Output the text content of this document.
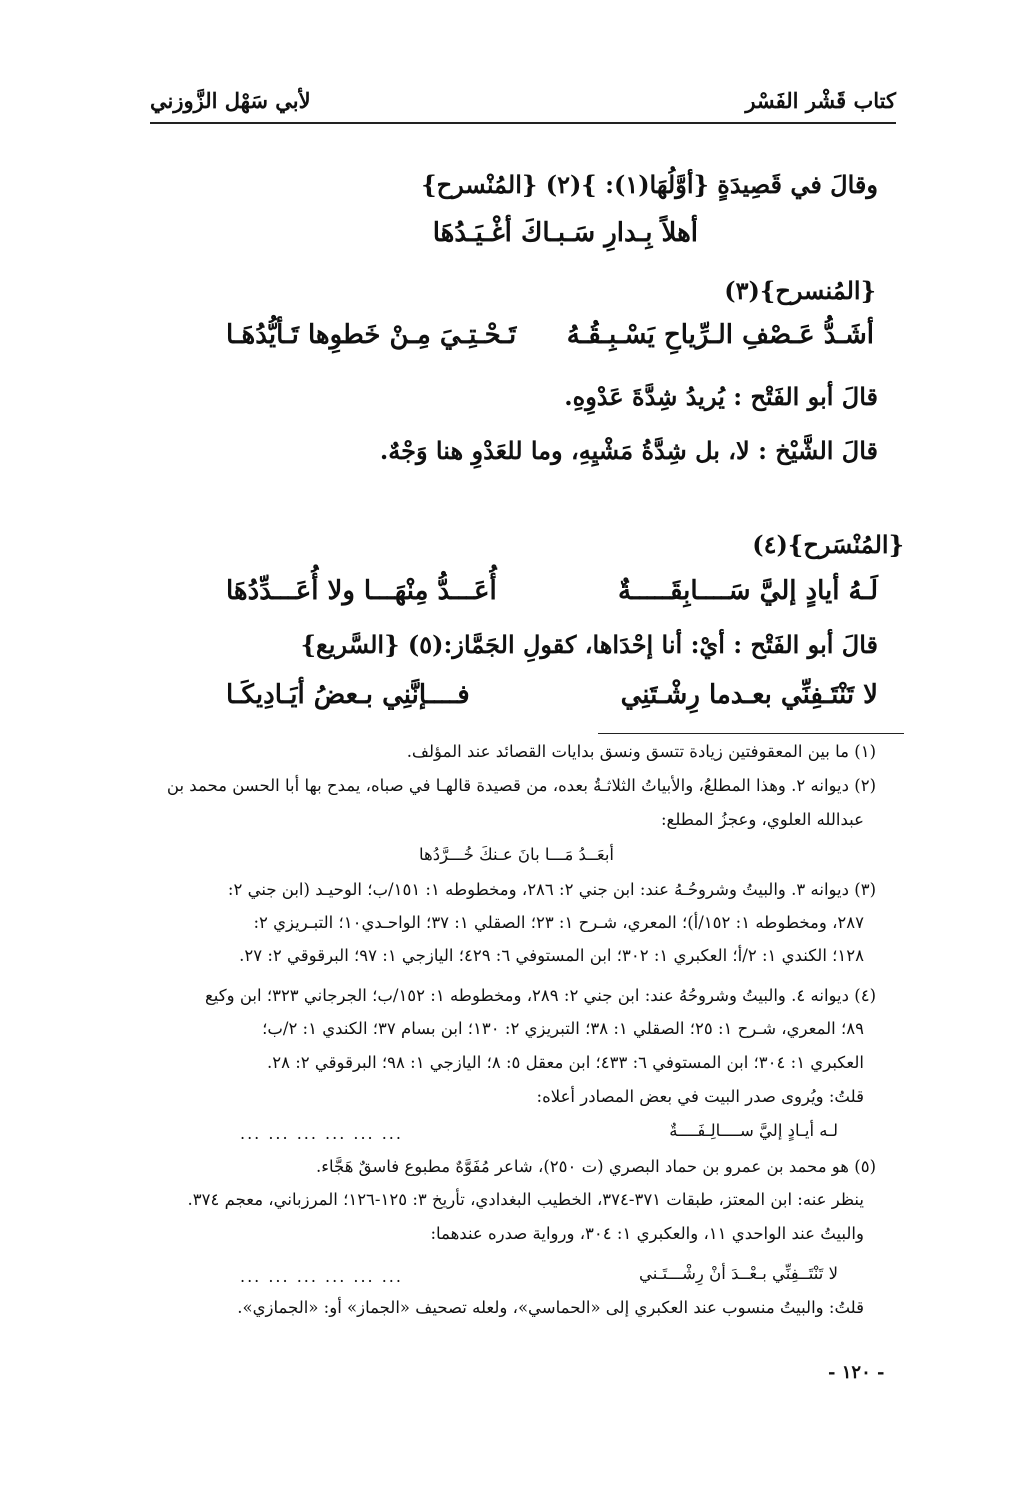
كتاب قَشْر الفَسْر
لأبي سَهْل الزَّوزني
وقالَ في قَصِيدَةٍ {أوَّلُهَا(١): }(٢) {المُنْسرح}
أهلاً بِـدارِ سَـبـاكَ أغْـيَـدُهَا
{المُنسرح}(٣)
أشَـدُّ عَـصْفِ الـرِّياحِ يَسْـبِـقُـهُ
تَـحْـتِـيَ مِـنْ خَطوِها تَـأيُّدُهَـا
قالَ أبو الفَتْح : يُريدُ شِدَّةَ عَدْوِهِ.
قالَ الشَّيْخ : لا، بل شِدَّةُ مَشْيِهِ، وما للعَدْوِ هنا وَجْهٌ.
{المُنْسَرح}(٤)
لَـهُ أيادٍ إليَّ سَــــابِقَـــــةٌ
أُعَـــدُّ مِنْهَـــا ولا أُعَـــدِّدُهَا
قالَ أبو الفَتْح : أيْ: أنا إحْدَاها، كقولِ الجَمَّاز:(٥) {السَّريع}
لا تَنْتَـفِنِّي بعـدما رِشْـتَنِي
فــــإنَّنِي بـعضُ أيَـادِيكَـا
(١) ما بين المعقوفتين زيادة تتسق ونسق بدايات القصائد عند المؤلف.
(٢) ديوانه ٢. وهذا المطلعُ، والأبياتُ الثلاثـةُ بعده، من قصيدة قالهـا في صباه، يمدح بها أبا الحسن محمد بن
عبدالله العلوي، وعجزُ المطلع:
أبعَــدُ مَـــا بانَ عـنكَ خُـــرَّدُها
(٣) ديوانه ٣. والبيتُ وشروحُـهُ عند: ابن جني ٢: ٢٨٦، ومخطوطه ١: ١٥١/ب؛ الوحيـد (ابن جني ٢:
٢٨٧، ومخطوطه ١: ١٥٢/أ)؛ المعري، شـرح ١: ٢٣؛ الصقلي ١: ٣٧؛ الواحـدي١٠؛ التبـريزي ٢:
١٢٨؛ الكندي ١: ٢/أ؛ العكبري ١: ٣٠٢؛ ابن المستوفي ٦: ٤٢٩؛ اليازجي ١: ٩٧؛ البرقوقي ٢: ٢٧.
(٤) ديوانه ٤. والبيتُ وشروحُهُ عند: ابن جني ٢: ٢٨٩، ومخطوطه ١: ١٥٢/ب؛ الجرجاني ٣٢٣؛ ابن وكيع
٨٩؛ المعري، شـرح ١: ٢٥؛ الصقلي ١: ٣٨؛ التبريزي ٢: ١٣٠؛ ابن بسام ٣٧؛ الكندي ١: ٢/ب؛
العكبري ١: ٣٠٤؛ ابن المستوفي ٦: ٤٣٣؛ ابن معقل ٥: ٨؛ اليازجي ١: ٩٨؛ البرقوقي ٢: ٢٨.
قلتُ: ويُروى صدر البيت في بعض المصادر أعلاه:
لـه أيـادٍ إليَّ ســــالِـفَــــةٌ
... ... ... ... ... ...
(٥) هو محمد بن عمرو بن حماد البصري (ت ٢٥٠)، شاعر مُفَوَّهٌ مطبوع فاسقٌ هَجَّاء.
ينظر عنه: ابن المعتز، طبقات ٣٧١-٣٧٤، الخطيب البغدادي، تأريخ ٣: ١٢٥-١٢٦؛ المرزباني، معجم ٣٧٤.
والبيتُ عند الواحدي ١١، والعكبري ١: ٣٠٤، ورواية صدره عندهما:
لا تَنْتَــفِنِّي بـعْــدَ أنْ رِشْـــتَـني
... ... ... ... ... ...
قلتُ: والبيتُ منسوب عند العكبري إلى «الحماسي»، ولعله تصحيف «الجماز» أو: «الجمازي».
- ١٢٠ -
